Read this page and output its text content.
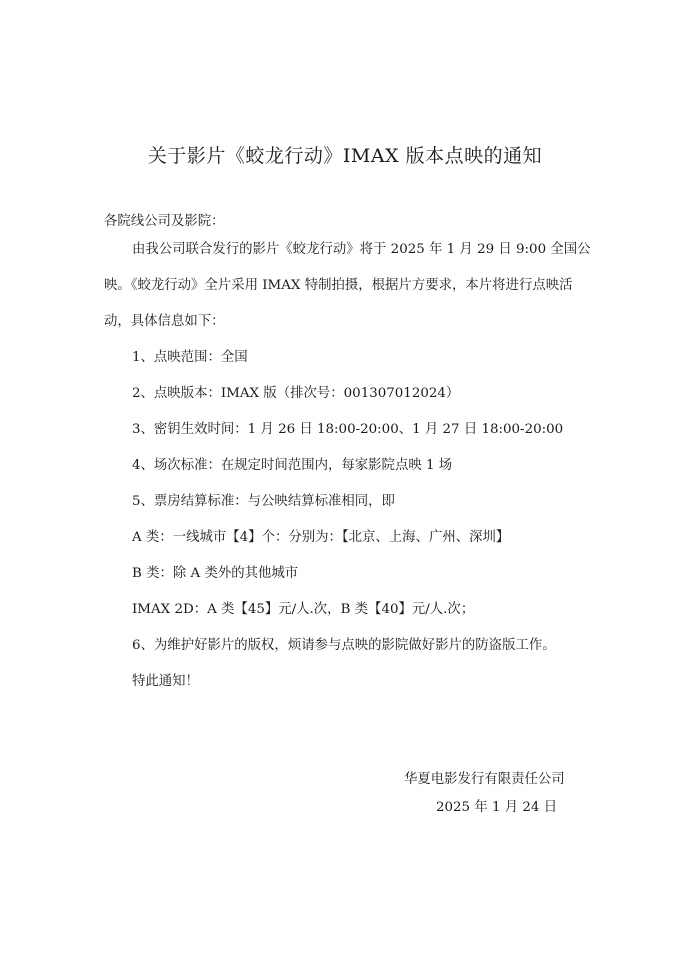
关于影片《蛟龙行动》IMAX 版本点映的通知
各院线公司及影院：
由我公司联合发行的影片《蛟龙行动》将于 2025 年 1 月 29 日 9:00 全国公
映。《蛟龙行动》全片采用 IMAX 特制拍摄，根据片方要求，本片将进行点映活
动，具体信息如下：
1、点映范围：全国
2、点映版本：IMAX 版（排次号：001307012024）
3、密钥生效时间：1 月 26 日 18:00-20:00、1 月 27 日 18:00-20:00
4、场次标准：在规定时间范围内，每家影院点映 1 场
5、票房结算标准：与公映结算标准相同，即
A 类：一线城市【4】个：分别为：【北京、上海、广州、深圳】
B 类：除 A 类外的其他城市
IMAX 2D：A 类【45】元/人.次，B 类【40】元/人.次；
6、为维护好影片的版权，烦请参与点映的影院做好影片的防盗版工作。
特此通知！
华夏电影发行有限责任公司
2025 年 1 月 24 日
